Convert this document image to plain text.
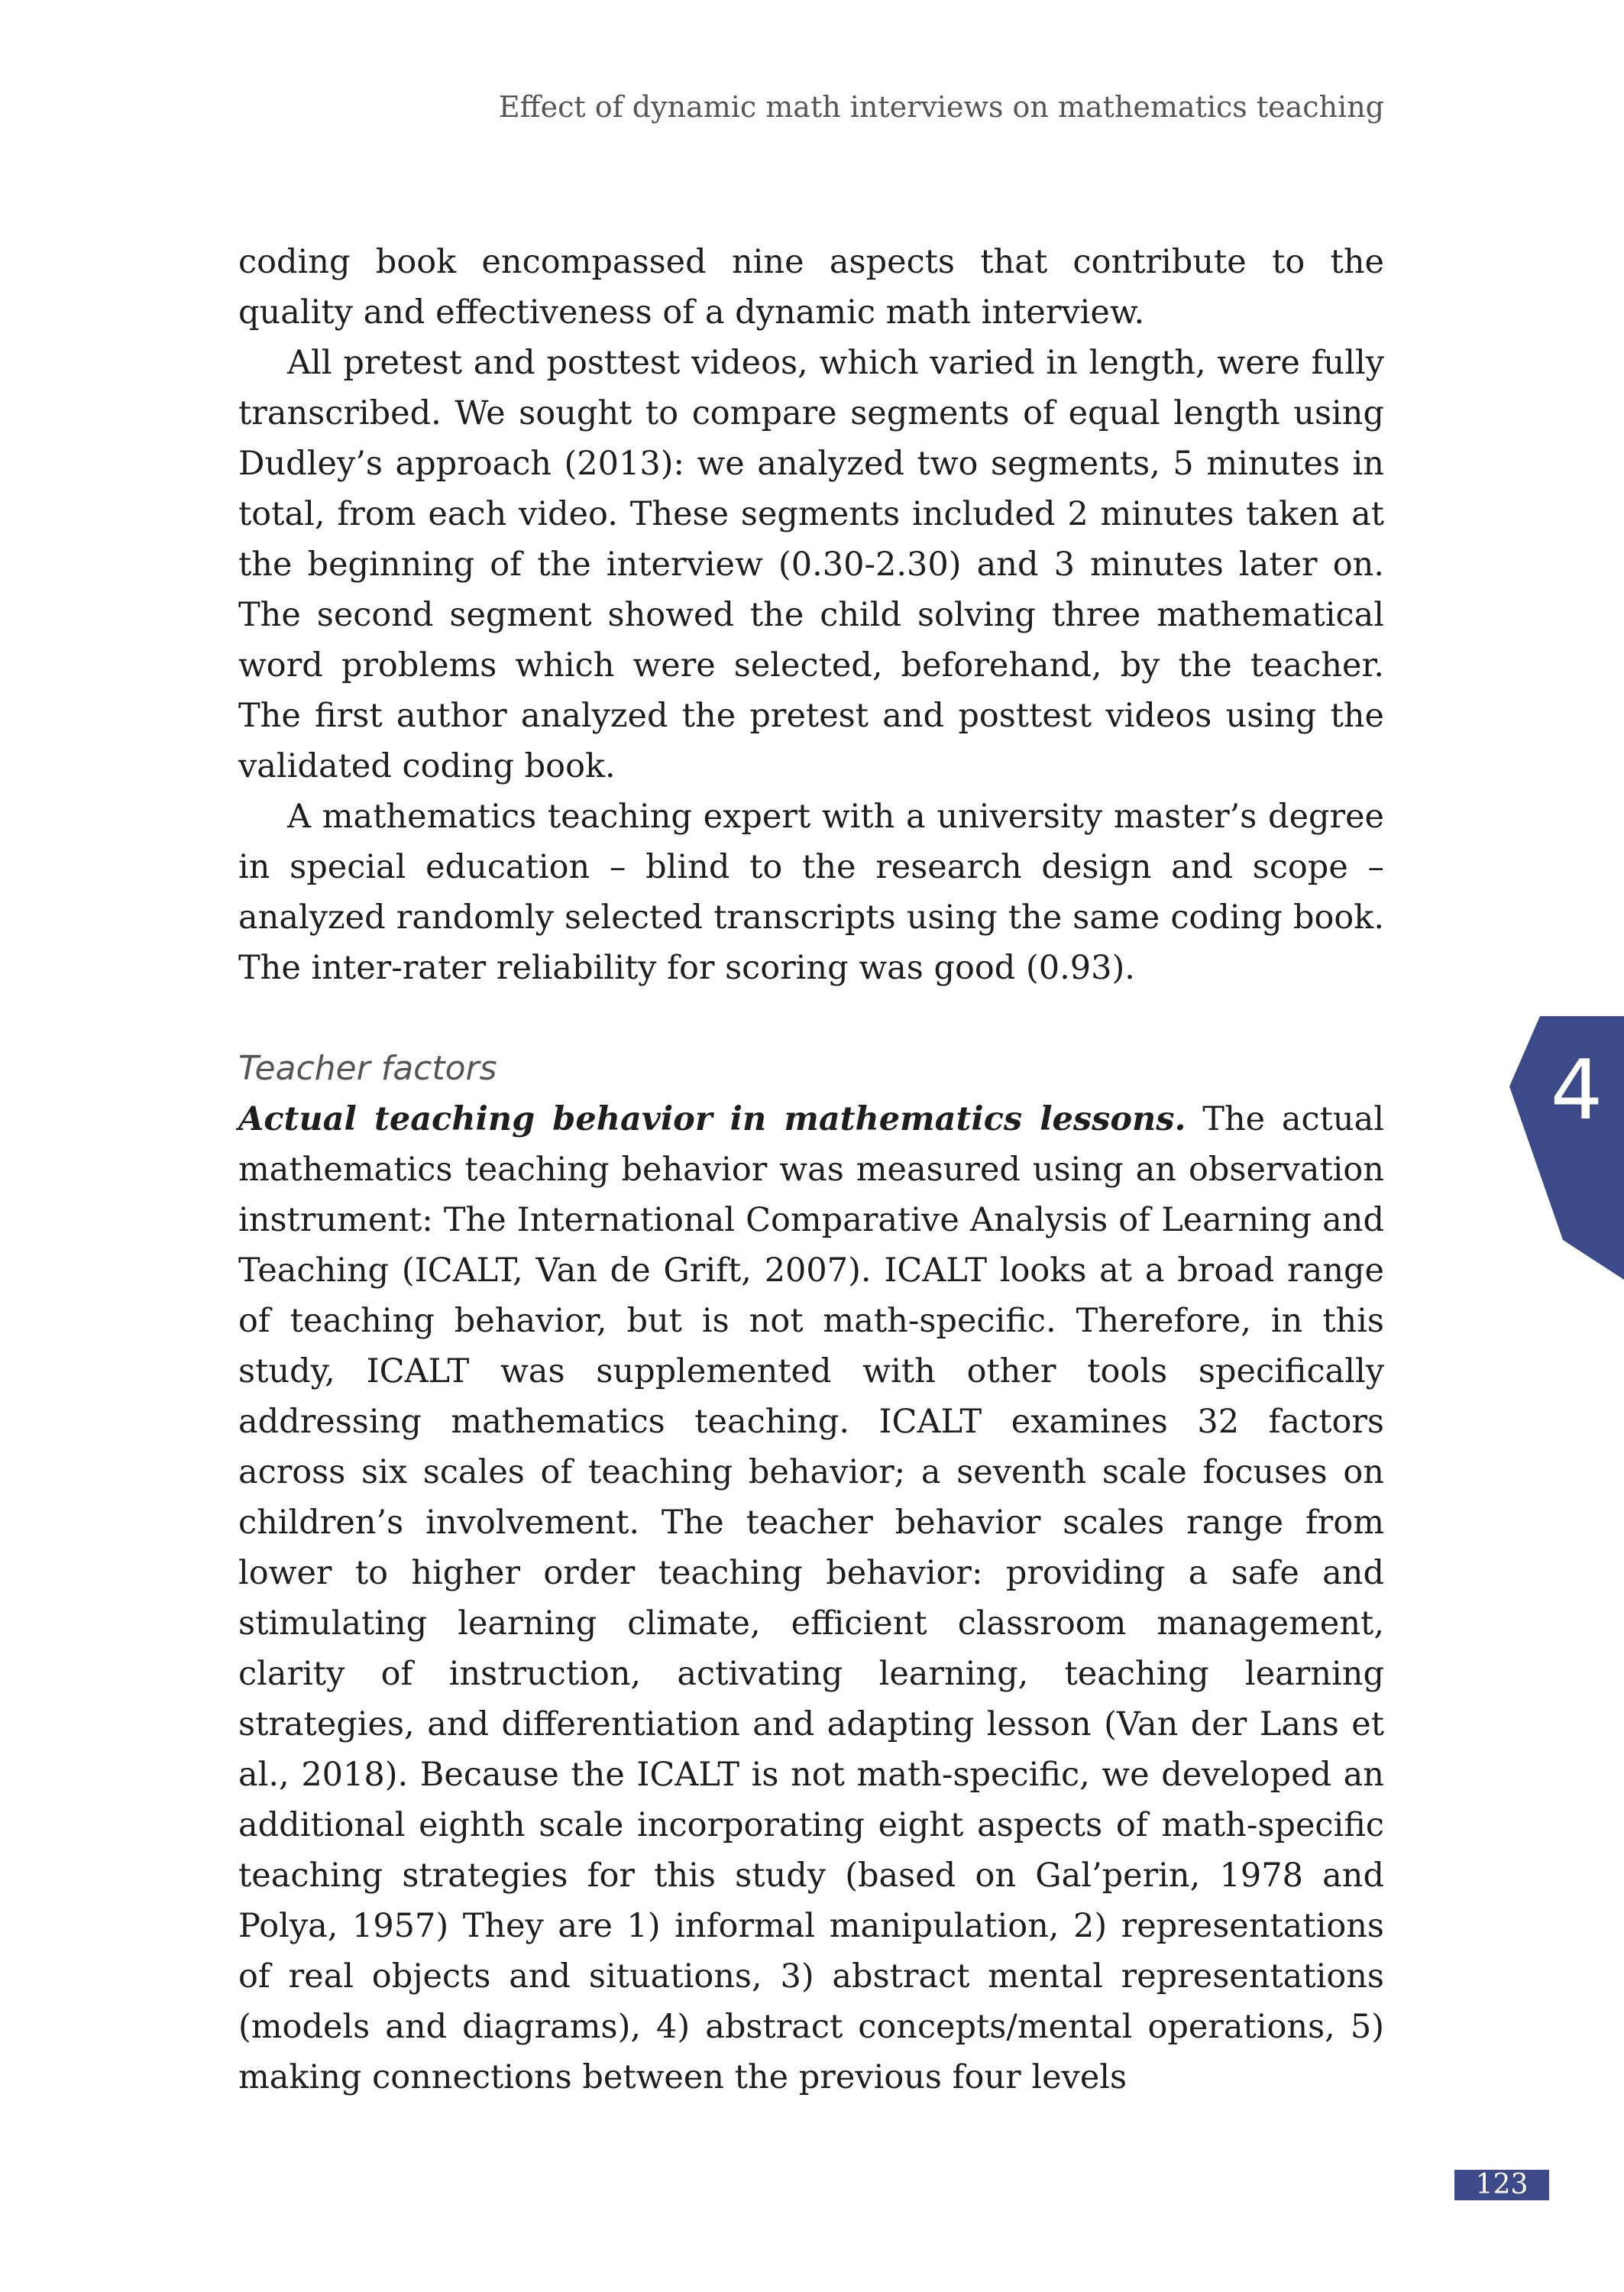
Effect of dynamic math interviews on mathematics teaching

coding book encompassed nine aspects that contribute to the quality and effectiveness of a dynamic math interview.

All pretest and posttest videos, which varied in length, were fully transcribed. We sought to compare segments of equal length using Dudley’s approach (2013): we analyzed two segments, 5 minutes in total, from each video. These segments included 2 minutes taken at the beginning of the interview (0.30-2.30) and 3 minutes later on. The second segment showed the child solving three mathematical word problems which were selected, beforehand, by the teacher. The first author analyzed the pretest and posttest videos using the validated coding book.

A mathematics teaching expert with a university master’s degree in special education – blind to the research design and scope – analyzed randomly selected transcripts using the same coding book. The inter-rater reliability for scoring was good (0.93).

Teacher factors

Actual teaching behavior in mathematics lessons. The actual mathematics teaching behavior was measured using an observation instrument: The International Comparative Analysis of Learning and Teaching (ICALT, Van de Grift, 2007). ICALT looks at a broad range of teaching behavior, but is not math-specific. Therefore, in this study, ICALT was supplemented with other tools specifically addressing mathematics teaching. ICALT examines 32 factors across six scales of teaching behavior; a seventh scale focuses on children’s involvement. The teacher behavior scales range from lower to higher order teaching behavior: providing a safe and stimulating learning climate, efficient classroom management, clarity of instruction, activating learning, teaching learning strategies, and differentiation and adapting lesson (Van der Lans et al., 2018). Because the ICALT is not math-specific, we developed an additional eighth scale incorporating eight aspects of math-specific teaching strategies for this study (based on Gal’perin, 1978 and Polya, 1957) They are 1) informal manipulation, 2) representations of real objects and situations, 3) abstract mental representations (models and diagrams), 4) abstract concepts/mental operations, 5) making connections between the previous four levels

4
123
